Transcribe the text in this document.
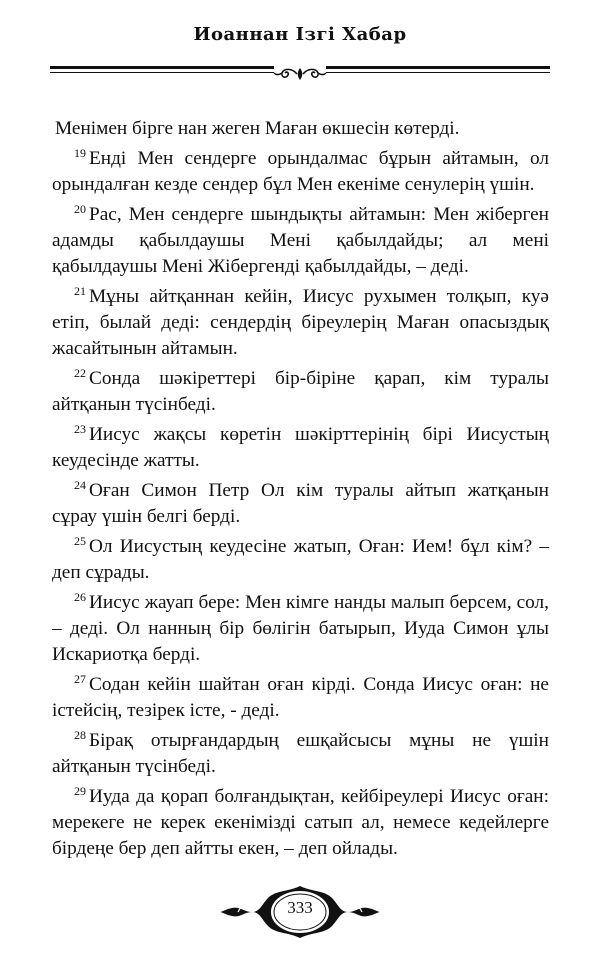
Иоаннан Ізгі Хабар

Менімен бірге нан жеген Маған өкшесін көтерді.

$^{19}$ Енді Мен сендерге орындалмас бұрын айтамын, ол орындалған кезде сендер бұл Мен екеніме сенулерің үшін.

$^{20}$ Рас, Мен сендерге шындықты айтамын: Мен жіберген адамды қабылдаушы Мені қабылдайды; ал мені қабылдаушы Мені Жібергенді қабылдайды, – деді.

$^{21}$ Мұны айтқаннан кейін, Иисус рухымен толқып, куә етіп, былай деді: сендердің біреулерің Маған опасыздық жасайтынын айтамын.

$^{22}$ Сонда шәкіреттері бір-біріне қарап, кім туралы айтқанын түсінбеді.

$^{23}$ Иисус жақсы көретін шәкірттерінің бірі Иисустың кеудесінде жатты.

$^{24}$ Оған Симон Петр Ол кім туралы айтып жатқанын сұрау үшін белгі берді.

$^{25}$ Ол Иисустың кеудесіне жатып, Оған: Ием! бұл кім? – деп сұрады.

$^{26}$ Иисус жауап бере: Мен кімге нанды малып берсем, сол, – деді. Ол нанның бір бөлігін батырып, Иуда Симон ұлы Искариотқа берді.

$^{27}$ Содан кейін шайтан оған кірді. Сонда Иисус оған: не істейсің, тезірек істе, - деді.

$^{28}$ Бірақ отырғандардың ешқайсысы мұны не үшін айтқанын түсінбеді.

$^{29}$ Иуда да қорап болғандықтан, кейбіреулері Иисус оған: мерекеге не керек екенімізді сатып ал, немесе кедейлерге бірдеңе бер деп айтты екен, – деп ойлады.

333
